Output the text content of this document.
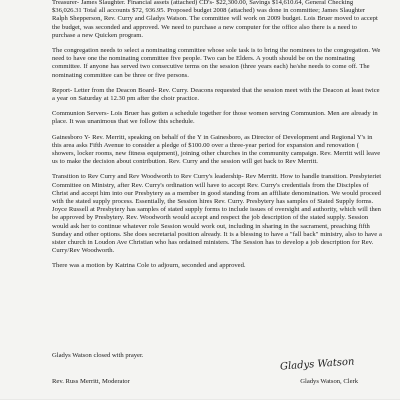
Treasurer- James Slaughter. Financial assets (attached) CD's- $22,300.00, Savings $14,610.64, General Checking $36,026.31 Total all accounts $72, 936.95. Proposed budget 2008 (attached) was done in committee; James Slaughter Ralph Shepperson, Rev. Curry and Gladys Watson. The committee will work on 2009 budget. Lois Bruer moved to accept the budget, was seconded and approved. We need to purchase a new computer for the office also there is a need to purchase a new Quicken program.

The congregation needs to select a nominating committee whose sole task is to bring the nominees to the congregation. We need to have one the nominating committee five people. Two can be Elders. A youth should be on the nominating committee. If anyone has served two consecutive terms on the session (three years each) he/she needs to come off. The nominating committee can be three or five persons.

Report- Letter from the Deacon Board- Rev. Curry. Deacons requested that the session meet with the Deacon at least twice a year on Saturday at 12.30 pm after the choir practice.

Communion Servers- Lois Bruer has gotten a schedule together for those women serving Communion. Men are already in place. It was unanimous that we follow this schedule.

Gainesboro Y- Rev. Merritt, speaking on behalf of the Y in Gainesboro, as Director of Development and Regional Y's in this area asks Fifth Avenue to consider a pledge of $100.00 over a three-year period for expansion and renovation ( showers, locker rooms, new fitness equipment), joining other churches in the community campaign. Rev. Merritt will leave us to make the decision about contribution. Rev. Curry and the session will get back to Rev Merritt.

Transition to Rev Curry and Rev Woodworth to Rev Curry's leadership- Rev Merritt. How to handle transition. Presbyteriet Committee on Ministry, after Rev. Curry's ordination will have to accept Rev. Curry's credentials from the Disciples of Christ and accept him into our Presbytery as a member in good standing from an affiliate denomination. We would proceed with the stated supply process. Essentially, the Session hires Rev. Curry. Presbytery has samples of Stated Supply forms. Joyce Russell at Presbytery has samples of stated supply forms to include issues of oversight and authority, which will then be approved by Presbytery. Rev. Woodworth would accept and respect the job description of the stated supply. Session would ask her to continue whatever role Session would work out, including in sharing in the sacrament, preaching fifth Sunday and other options. She does secretarial position already. It is a blessing to have a "fall back" ministry, also to have a sister church in Loudon Ave Christian who has ordained ministers. The Session has to develop a job description for Rev. Curry/Rev Woodworth.

There was a motion by Katrina Cole to adjourn, seconded and approved.

Gladys Watson closed with prayer.
Gladys Watson
Rev. Russ Merritt, Moderator	Gladys Watson, Clerk
